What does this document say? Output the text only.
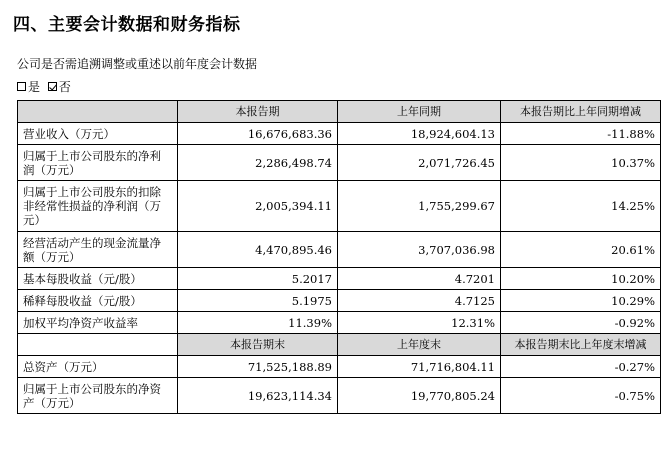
四、主要会计数据和财务指标
公司是否需追溯调整或重述以前年度会计数据
是
否
	本报告期	上年同期	本报告期比上年同期增减
营业收入（万元）	16,676,683.36	18,924,604.13	-11.88%
归属于上市公司股东的净利润（万元）	2,286,498.74	2,071,726.45	10.37%
归属于上市公司股东的扣除非经常性损益的净利润（万元）	2,005,394.11	1,755,299.67	14.25%
经营活动产生的现金流量净额（万元）	4,470,895.46	3,707,036.98	20.61%
基本每股收益（元/股）	5.2017	4.7201	10.20%
稀释每股收益（元/股）	5.1975	4.7125	10.29%
加权平均净资产收益率	11.39%	12.31%	-0.92%
	本报告期末	上年度末	本报告期末比上年度末增减
总资产（万元）	71,525,188.89	71,716,804.11	-0.27%
归属于上市公司股东的净资产（万元）	19,623,114.34	19,770,805.24	-0.75%
